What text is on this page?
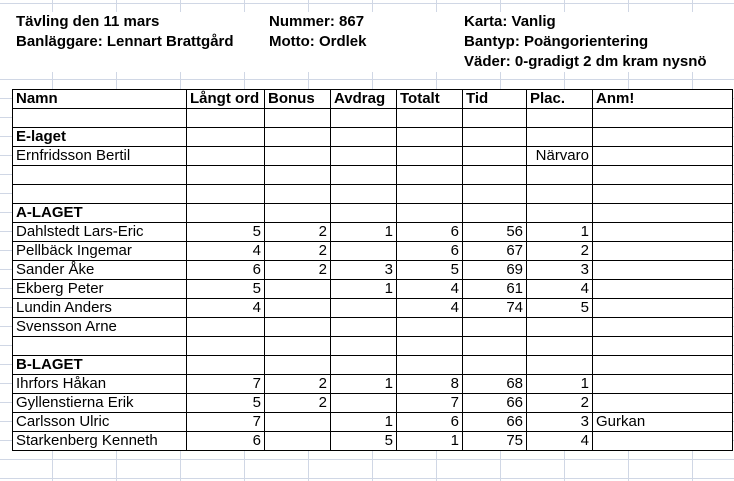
Tävling den 11 mars
Banläggare: Lennart Brattgård
Nummer: 867
Motto: Ordlek
Karta: Vanlig
Bantyp: Poängorientering
Väder: 0-gradigt 2 dm kram nysnö
Namn	Långt ord	Bonus	Avdrag	Totalt	Tid	Plac.	Anm!

E-laget							
Ernfridsson Bertil						Närvaro	

A-LAGET							
Dahlstedt Lars-Eric	5	2	1	6	56	1	
Pellbäck Ingemar	4	2		6	67	2	
Sander Åke	6	2	3	5	69	3	
Ekberg Peter	5		1	4	61	4	
Lundin Anders	4			4	74	5	
Svensson Arne							

B-LAGET							
Ihrfors Håkan	7	2	1	8	68	1	
Gyllenstierna Erik	5	2		7	66	2	
Carlsson Ulric	7		1	6	66	3	Gurkan
Starkenberg Kenneth	6		5	1	75	4	
